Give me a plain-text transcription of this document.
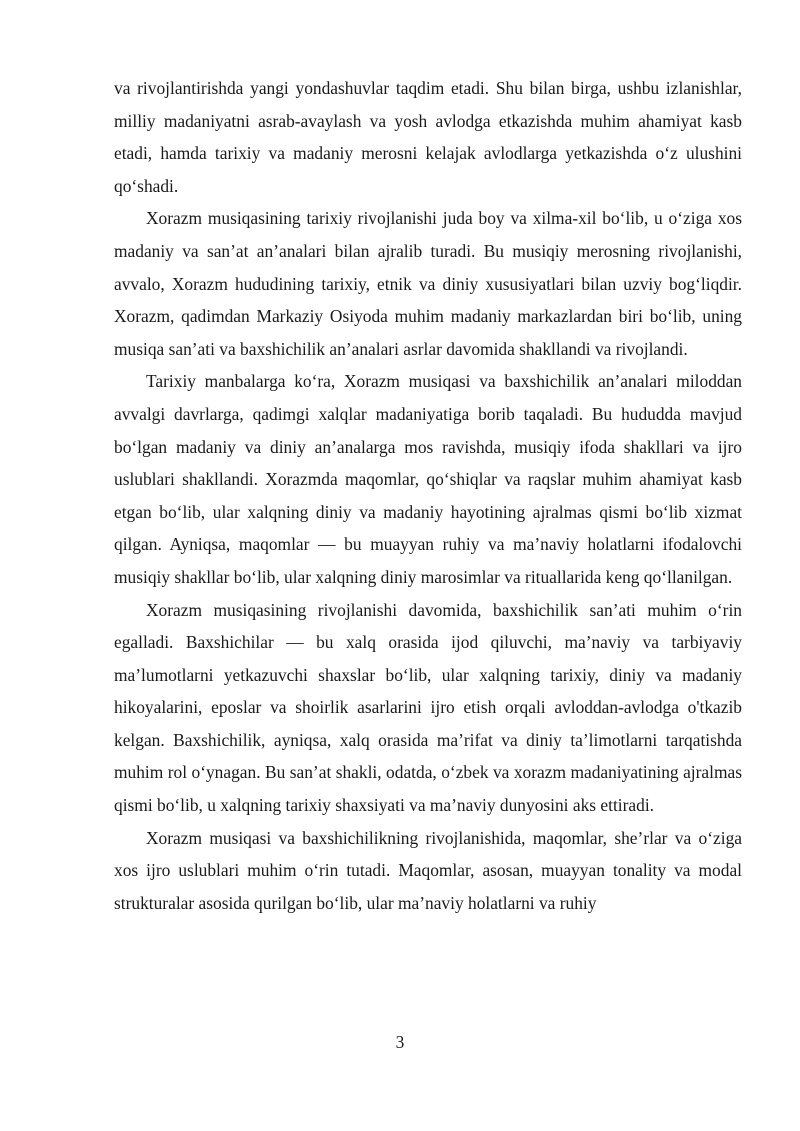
va rivojlantirishda yangi yondashuvlar taqdim etadi. Shu bilan birga, ushbu izlanishlar, milliy madaniyatni asrab-avaylash va yosh avlodga etkazishda muhim ahamiyat kasb etadi, hamda tarixiy va madaniy merosni kelajak avlodlarga yetkazishda o‘z ulushini qo‘shadi.

Xorazm musiqasining tarixiy rivojlanishi juda boy va xilma-xil bo‘lib, u o‘ziga xos madaniy va san’at an’analari bilan ajralib turadi. Bu musiqiy merosning rivojlanishi, avvalo, Xorazm hududining tarixiy, etnik va diniy xususiyatlari bilan uzviy bog‘liqdir. Xorazm, qadimdan Markaziy Osiyoda muhim madaniy markazlardan biri bo‘lib, uning musiqa san’ati va baxshichilik an’analari asrlar davomida shakllandi va rivojlandi.

Tarixiy manbalarga ko‘ra, Xorazm musiqasi va baxshichilik an’analari miloddan avvalgi davrlarga, qadimgi xalqlar madaniyatiga borib taqaladi. Bu hududda mavjud bo‘lgan madaniy va diniy an’analarga mos ravishda, musiqiy ifoda shakllari va ijro uslublari shakllandi. Xorazmda maqomlar, qo‘shiqlar va raqslar muhim ahamiyat kasb etgan bo‘lib, ular xalqning diniy va madaniy hayotining ajralmas qismi bo‘lib xizmat qilgan. Ayniqsa, maqomlar — bu muayyan ruhiy va ma’naviy holatlarni ifodalovchi musiqiy shakllar bo‘lib, ular xalqning diniy marosimlar va rituallarida keng qo‘llanilgan.

Xorazm musiqasining rivojlanishi davomida, baxshichilik san’ati muhim o‘rin egalladi. Baxshichilar — bu xalq orasida ijod qiluvchi, ma’naviy va tarbiyaviy ma’lumotlarni yetkazuvchi shaxslar bo‘lib, ular xalqning tarixiy, diniy va madaniy hikoyalarini, eposlar va shoirlik asarlarini ijro etish orqali avloddan-avlodga o'tkazib kelgan. Baxshichilik, ayniqsa, xalq orasida ma’rifat va diniy ta’limotlarni tarqatishda muhim rol o‘ynagan. Bu san’at shakli, odatda, o‘zbek va xorazm madaniyatining ajralmas qismi bo‘lib, u xalqning tarixiy shaxsiyati va ma’naviy dunyosini aks ettiradi.

Xorazm musiqasi va baxshichilikning rivojlanishida, maqomlar, she’rlar va o‘ziga xos ijro uslublari muhim o‘rin tutadi. Maqomlar, asosan, muayyan tonality va modal strukturalar asosida qurilgan bo‘lib, ular ma’naviy holatlarni va ruhiy

3
